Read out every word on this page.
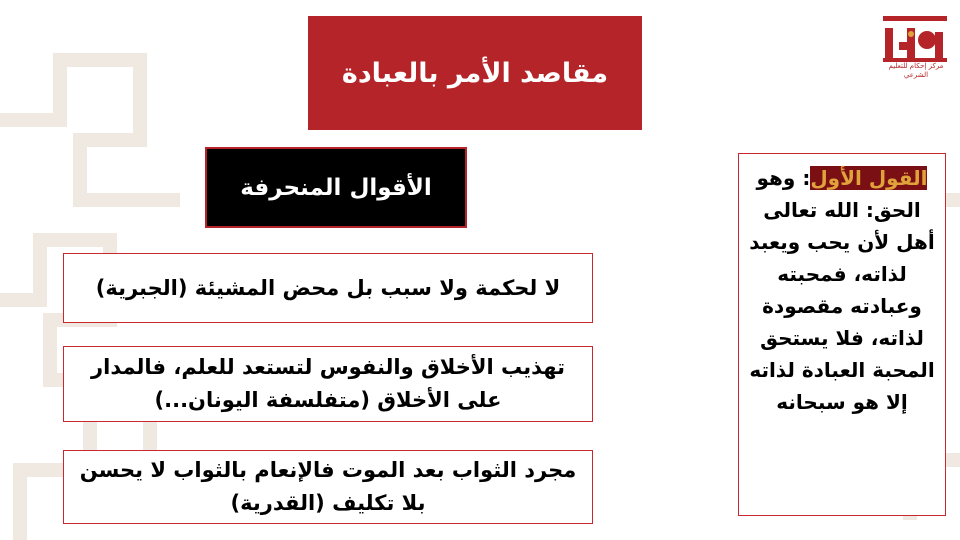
مركز إحكام للتعليم الشرعي
مقاصد الأمر بالعبادة
الأقوال المنحرفة
لا لحكمة ولا سبب بل محض المشيئة (الجبرية)
تهذيب الأخلاق والنفوس لتستعد للعلم، فالمدار على الأخلاق (متفلسفة اليونان...)
مجرد الثواب بعد الموت فالإنعام بالثواب لا يحسن بلا تكليف (القدرية)
القول الأول: وهو الحق: الله تعالى أهل لأن يحب ويعبد لذاته، فمحبته وعبادته مقصودة لذاته، فلا يستحق المحبة العبادة لذاته إلا هو سبحانه
